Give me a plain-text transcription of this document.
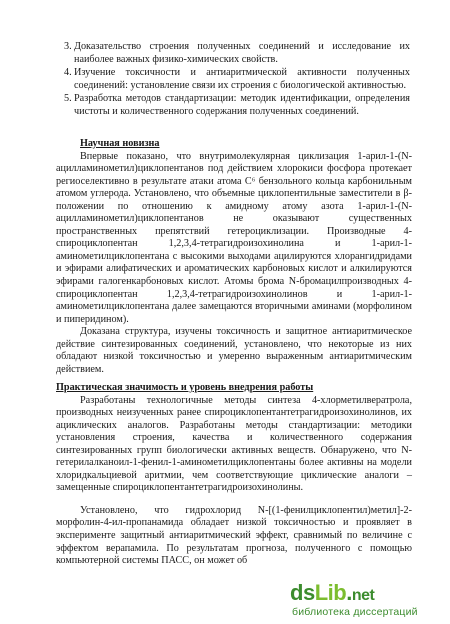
3. Доказательство строения полученных соединений и исследование их наиболее важных физико-химических свойств.

4. Изучение токсичности и антиаритмической активности полученных соединений: установление связи их строения с биологической активностью.

5. Разработка методов стандартизации: методик идентификации, определения чистоты и количественного содержания полученных соединений.

Научная новизна

Впервые показано, что внутримолекулярная циклизация 1-арил-1-(N-ацилламинометил)циклопентанов под действием хлорокиси фосфора протекает региоселективно в результате атаки атома С⁶ бензольного кольца карбонильным атомом углерода. Установлено, что объемные циклопентильные заместители в β-положении по отношению к амидному атому азота 1-арил-1-(N-ацилламинометил)циклопентанов не оказывают существенных пространственных препятствий гетероциклизации. Производные 4-спироциклопентан 1,2,3,4-тетрагидроизохинолина и 1-арил-1-аминометилциклопентана с высокими выходами ацилируются хлорангидридами и эфирами алифатических и ароматических карбоновых кислот и алкилируются эфирами галогенкарбоновых кислот. Атомы брома N-бромацилпроизводных 4-спироциклопентан 1,2,3,4-тетрагидроизохинолинов и 1-арил-1-аминометилциклопентана далее замещаются вторичными аминами (морфолином и пиперидином).

Доказана структура, изучены токсичность и защитное антиаритмическое действие синтезированных соединений, установлено, что некоторые из них обладают низкой токсичностью и умеренно выраженным антиаритмическим действием.

Практическая значимость и уровень внедрения работы

Разработаны технологичные методы синтеза 4-хлорметилвератрола, производных неизученных ранее спироциклопентантетрагидроизохинолинов, их ациклических аналогов. Разработаны методы стандартизации: методики установления строения, качества и количественного содержания синтезированных групп биологически активных веществ. Обнаружено, что N-гетерилалканоил-1-фенил-1-аминометилциклопентаны более активны на модели хлоридкальциевой аритмии, чем соответствующие циклические аналоги – замещенные спироциклопентантетрагидроизохинолины.

Установлено, что гидрохлорид N-[(1-фенилциклопентил)метил]-2-морфолин-4-ил-пропанамида обладает низкой токсичностью и проявляет в эксперименте защитный антиаритмический эффект, сравнимый по величине с эффектом верапамила. По результатам прогноза, полученного с помощью компьютерной системы ПАСС, он может об

dsLib.net
библиотека диссертаций
